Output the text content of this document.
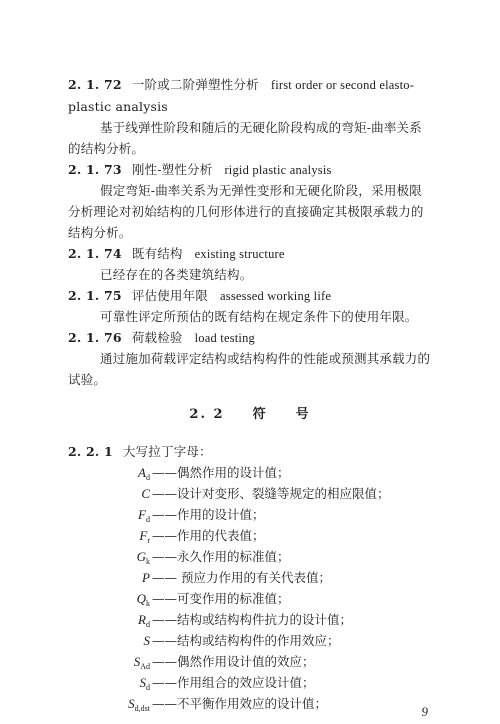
2. 1. 72 一阶或二阶弹塑性分析 first order or second elasto-
plastic analysis
基于线弹性阶段和随后的无硬化阶段构成的弯矩-曲率关系
的结构分析。
2. 1. 73 刚性-塑性分析 rigid plastic analysis
假定弯矩-曲率关系为无弹性变形和无硬化阶段，采用极限
分析理论对初始结构的几何形体进行的直接确定其极限承载力的
结构分析。
2. 1. 74 既有结构 existing structure
已经存在的各类建筑结构。
2. 1. 75 评估使用年限 assessed working life
可靠性评定所预估的既有结构在规定条件下的使用年限。
2. 1. 76 荷载检验 load testing
通过施加荷载评定结构或结构构件的性能或预测其承载力的
试验。
2. 2 符 号
2. 2. 1 大写拉丁字母：
$A_d$ ——偶然作用的设计值；
C ——设计对变形、裂缝等规定的相应限值；
$F_d$ ——作用的设计值；
$F_r$ ——作用的代表值；
$G_k$ ——永久作用的标准值；
P —— 预应力作用的有关代表值；
$Q_k$ ——可变作用的标准值；
$R_d$ ——结构或结构构件抗力的设计值；
S ——结构或结构构件的作用效应；
$S_{Ad}$ ——偶然作用设计值的效应；
$S_d$ ——作用组合的效应设计值；
$S_{d,dst}$ ——不平衡作用效应的设计值；
9
